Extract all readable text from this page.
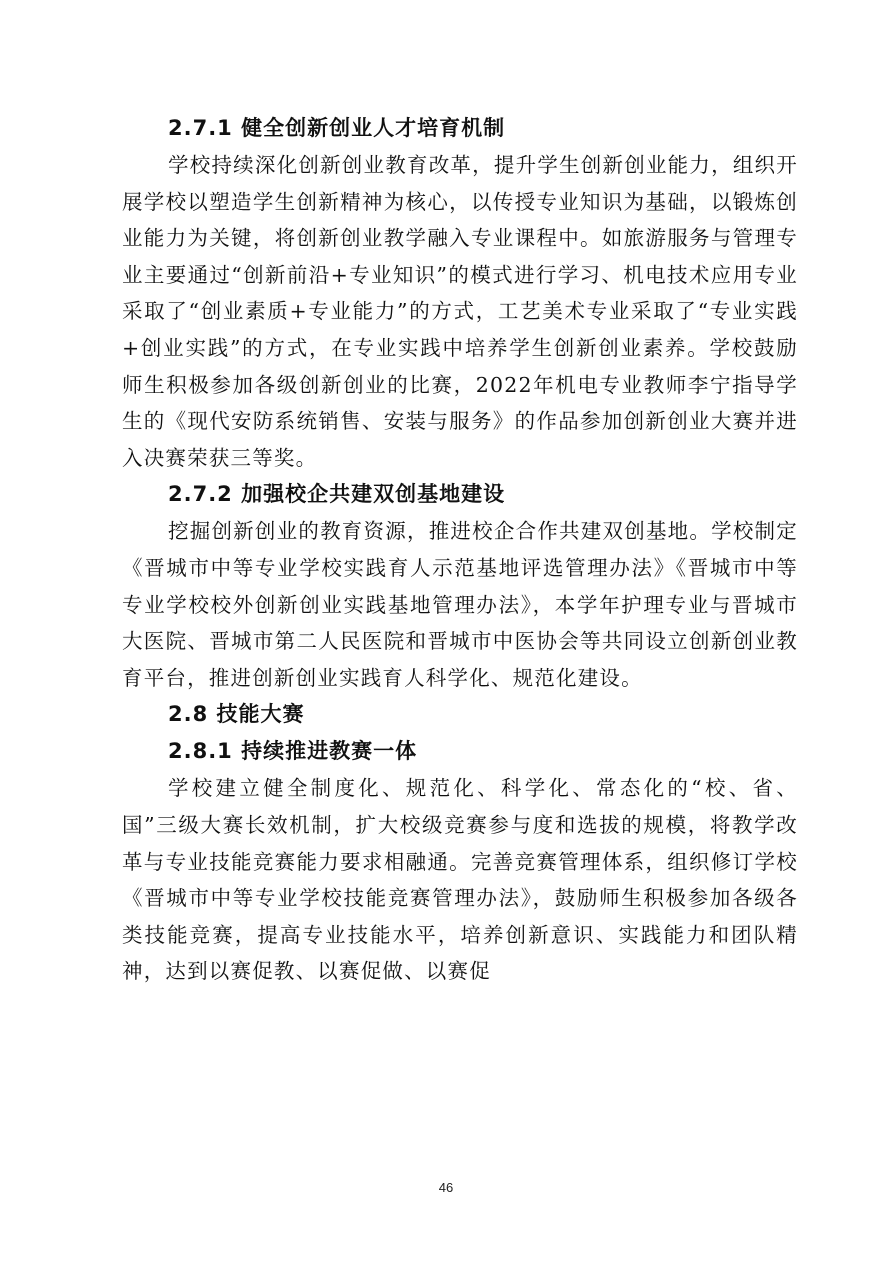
2.7.1 健全创新创业人才培育机制

学校持续深化创新创业教育改革，提升学生创新创业能力，组织开展学校以塑造学生创新精神为核心，以传授专业知识为基础，以锻炼创业能力为关键，将创新创业教学融入专业课程中。如旅游服务与管理专业主要通过“创新前沿+专业知识”的模式进行学习、机电技术应用专业采取了“创业素质+专业能力”的方式，工艺美术专业采取了“专业实践+创业实践”的方式，在专业实践中培养学生创新创业素养。学校鼓励师生积极参加各级创新创业的比赛，2022年机电专业教师李宁指导学生的《现代安防系统销售、安装与服务》的作品参加创新创业大赛并进入决赛荣获三等奖。

2.7.2 加强校企共建双创基地建设

挖掘创新创业的教育资源，推进校企合作共建双创基地。学校制定《晋城市中等专业学校实践育人示范基地评选管理办法》《晋城市中等专业学校校外创新创业实践基地管理办法》，本学年护理专业与晋城市大医院、晋城市第二人民医院和晋城市中医协会等共同设立创新创业教育平台，推进创新创业实践育人科学化、规范化建设。

2.8 技能大赛
2.8.1 持续推进教赛一体

学校建立健全制度化、规范化、科学化、常态化的“校、省、国”三级大赛长效机制，扩大校级竞赛参与度和选拔的规模，将教学改革与专业技能竞赛能力要求相融通。完善竞赛管理体系，组织修订学校《晋城市中等专业学校技能竞赛管理办法》，鼓励师生积极参加各级各类技能竞赛，提高专业技能水平，培养创新意识、实践能力和团队精神，达到以赛促教、以赛促做、以赛促

46
